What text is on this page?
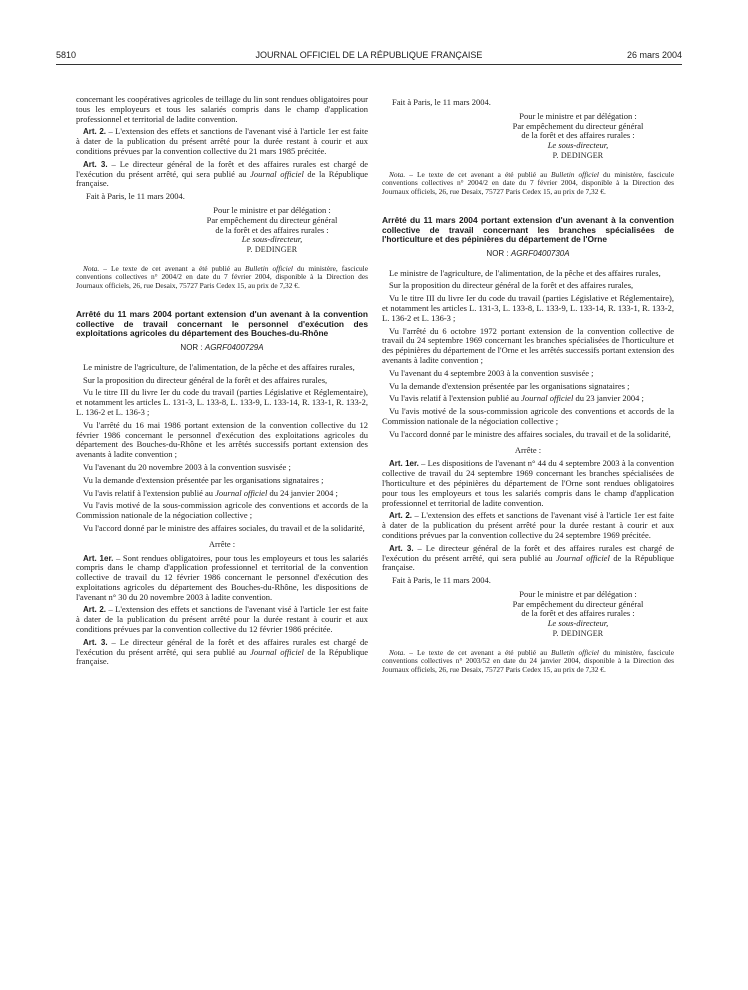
5810	JOURNAL OFFICIEL DE LA RÉPUBLIQUE FRANÇAISE	26 mars 2004

concernant les coopératives agricoles de teillage du lin sont rendues obligatoires pour tous les employeurs et tous les salariés compris dans le champ d'application professionnel et territorial de ladite convention.

Art. 2. – L'extension des effets et sanctions de l'avenant visé à l'article 1er est faite à dater de la publication du présent arrêté pour la durée restant à courir et aux conditions prévues par la convention collective du 21 mars 1985 précitée.

Art. 3. – Le directeur général de la forêt et des affaires rurales est chargé de l'exécution du présent arrêté, qui sera publié au Journal officiel de la République française.

Fait à Paris, le 11 mars 2004.

Pour le ministre et par délégation :
Par empêchement du directeur général
de la forêt et des affaires rurales :
Le sous-directeur,
P. DEDINGER

Nota. – Le texte de cet avenant a été publié au Bulletin officiel du ministère, fascicule conventions collectives n° 2004/2 en date du 7 février 2004, disponible à la Direction des Journaux officiels, 26, rue Desaix, 75727 Paris Cedex 15, au prix de 7,32 €.

Arrêté du 11 mars 2004 portant extension d'un avenant à la convention collective de travail concernant le personnel d'exécution des exploitations agricoles du département des Bouches-du-Rhône
NOR : AGRF0400729A

Le ministre de l'agriculture, de l'alimentation, de la pêche et des affaires rurales,

Sur la proposition du directeur général de la forêt et des affaires rurales,

Vu le titre III du livre Ier du code du travail (parties Législative et Réglementaire), et notamment les articles L. 131-3, L. 133-8, L. 133-9, L. 133-14, R. 133-1, R. 133-2, L. 136-2 et L. 136-3 ;

Vu l'arrêté du 16 mai 1986 portant extension de la convention collective du 12 février 1986 concernant le personnel d'exécution des exploitations agricoles du département des Bouches-du-Rhône et les arrêtés successifs portant extension des avenants à ladite convention ;

Vu l'avenant du 20 novembre 2003 à la convention susvisée ;

Vu la demande d'extension présentée par les organisations signataires ;

Vu l'avis relatif à l'extension publié au Journal officiel du 24 janvier 2004 ;

Vu l'avis motivé de la sous-commission agricole des conventions et accords de la Commission nationale de la négociation collective ;

Vu l'accord donné par le ministre des affaires sociales, du travail et de la solidarité,

Arrête :

Art. 1er. – Sont rendues obligatoires, pour tous les employeurs et tous les salariés compris dans le champ d'application professionnel et territorial de la convention collective de travail du 12 février 1986 concernant le personnel d'exécution des exploitations agricoles du département des Bouches-du-Rhône, les dispositions de l'avenant n° 30 du 20 novembre 2003 à ladite convention.

Art. 2. – L'extension des effets et sanctions de l'avenant visé à l'article 1er est faite à dater de la publication du présent arrêté pour la durée restant à courir et aux conditions prévues par la convention collective du 12 février 1986 précitée.

Art. 3. – Le directeur général de la forêt et des affaires rurales est chargé de l'exécution du présent arrêté, qui sera publié au Journal officiel de la République française.

Fait à Paris, le 11 mars 2004.

Pour le ministre et par délégation :
Par empêchement du directeur général
de la forêt et des affaires rurales :
Le sous-directeur,
P. DEDINGER

Nota. – Le texte de cet avenant a été publié au Bulletin officiel du ministère, fascicule conventions collectives n° 2004/2 en date du 7 février 2004, disponible à la Direction des Journaux officiels, 26, rue Desaix, 75727 Paris Cedex 15, au prix de 7,32 €.

Arrêté du 11 mars 2004 portant extension d'un avenant à la convention collective de travail concernant les branches spécialisées de l'horticulture et des pépinières du département de l'Orne
NOR : AGRF0400730A

Le ministre de l'agriculture, de l'alimentation, de la pêche et des affaires rurales,

Sur la proposition du directeur général de la forêt et des affaires rurales,

Vu le titre III du livre Ier du code du travail (parties Législative et Réglementaire), et notamment les articles L. 131-3, L. 133-8, L. 133-9, L. 133-14, R. 133-1, R. 133-2, L. 136-2 et L. 136-3 ;

Vu l'arrêté du 6 octobre 1972 portant extension de la convention collective de travail du 24 septembre 1969 concernant les branches spécialisées de l'horticulture et des pépinières du département de l'Orne et les arrêtés successifs portant extension des avenants à ladite convention ;

Vu l'avenant du 4 septembre 2003 à la convention susvisée ;

Vu la demande d'extension présentée par les organisations signataires ;

Vu l'avis relatif à l'extension publié au Journal officiel du 23 janvier 2004 ;

Vu l'avis motivé de la sous-commission agricole des conventions et accords de la Commission nationale de la négociation collective ;

Vu l'accord donné par le ministre des affaires sociales, du travail et de la solidarité,

Arrête :

Art. 1er. – Les dispositions de l'avenant n° 44 du 4 septembre 2003 à la convention collective de travail du 24 septembre 1969 concernant les branches spécialisées de l'horticulture et des pépinières du département de l'Orne sont rendues obligatoires pour tous les employeurs et tous les salariés compris dans le champ d'application professionnel et territorial de ladite convention.

Art. 2. – L'extension des effets et sanctions de l'avenant visé à l'article 1er est faite à dater de la publication du présent arrêté pour la durée restant à courir et aux conditions prévues par la convention collective du 24 septembre 1969 précitée.

Art. 3. – Le directeur général de la forêt et des affaires rurales est chargé de l'exécution du présent arrêté, qui sera publié au Journal officiel de la République française.

Fait à Paris, le 11 mars 2004.

Pour le ministre et par délégation :
Par empêchement du directeur général
de la forêt et des affaires rurales :
Le sous-directeur,
P. DEDINGER

Nota. – Le texte de cet avenant a été publié au Bulletin officiel du ministère, fascicule conventions collectives n° 2003/52 en date du 24 janvier 2004, disponible à la Direction des Journaux officiels, 26, rue Desaix, 75727 Paris Cedex 15, au prix de 7,32 €.
